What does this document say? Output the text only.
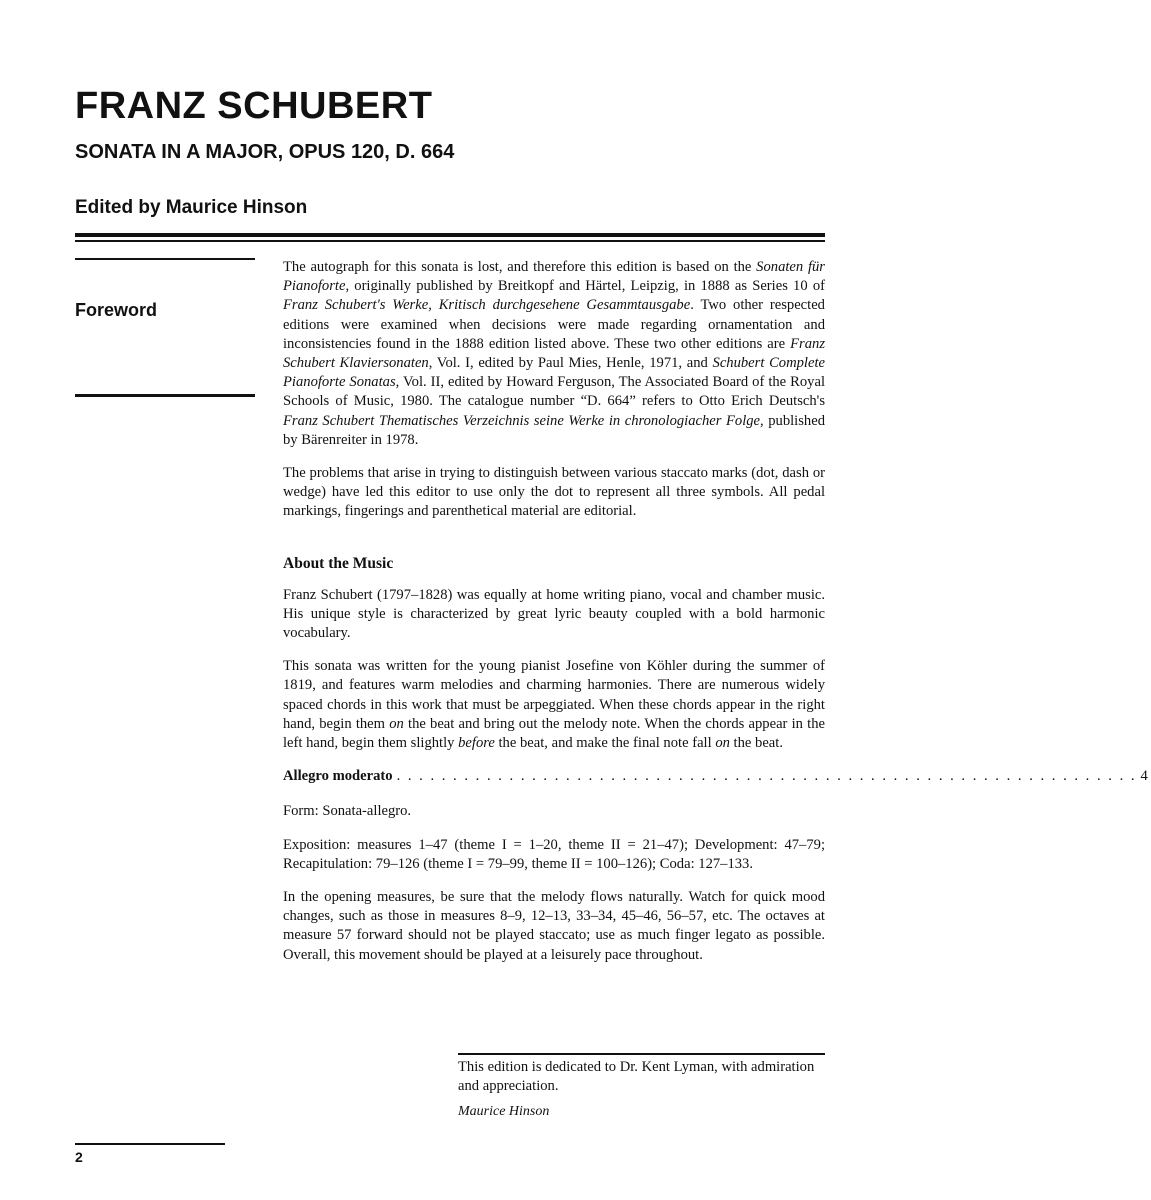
FRANZ SCHUBERT
SONATA IN A MAJOR, OPUS 120, D. 664
Edited by Maurice Hinson
Foreword

The autograph for this sonata is lost, and therefore this edition is based on the Sonaten für Pianoforte, originally published by Breitkopf and Härtel, Leipzig, in 1888 as Series 10 of Franz Schubert's Werke, Kritisch durchgesehene Gesammtausgabe. Two other respected editions were examined when decisions were made regarding ornamentation and inconsistencies found in the 1888 edition listed above. These two other editions are Franz Schubert Klaviersonaten, Vol. I, edited by Paul Mies, Henle, 1971, and Schubert Complete Pianoforte Sonatas, Vol. II, edited by Howard Ferguson, The Associated Board of the Royal Schools of Music, 1980. The catalogue number “D. 664” refers to Otto Erich Deutsch's Franz Schubert Thematisches Verzeichnis seine Werke in chronologiacher Folge, published by Bärenreiter in 1978.

The problems that arise in trying to distinguish between various staccato marks (dot, dash or wedge) have led this editor to use only the dot to represent all three symbols. All pedal markings, fingerings and parenthetical material are editorial.

About the Music

Franz Schubert (1797–1828) was equally at home writing piano, vocal and chamber music. His unique style is characterized by great lyric beauty coupled with a bold harmonic vocabulary.

This sonata was written for the young pianist Josefine von Köhler during the summer of 1819, and features warm melodies and charming harmonies. There are numerous widely spaced chords in this work that must be arpeggiated. When these chords appear in the right hand, begin them on the beat and bring out the melody note. When the chords appear in the left hand, begin them slightly before the beat, and make the final note fall on the beat.

Allegro moderato . . . . . . . . . . . . . . . . . . . . . . . . . . . . . . . . . . . . . . . . . . . . . . . . . . . . . . . . . . . . . . . . . . 4

Form: Sonata-allegro.

Exposition: measures 1–47 (theme I = 1–20, theme II = 21–47); Development: 47–79; Recapitulation: 79–126 (theme I = 79–99, theme II = 100–126); Coda: 127–133.

In the opening measures, be sure that the melody flows naturally. Watch for quick mood changes, such as those in measures 8–9, 12–13, 33–34, 45–46, 56–57, etc. The octaves at measure 57 forward should not be played staccato; use as much finger legato as possible. Overall, this movement should be played at a leisurely pace throughout.

This edition is dedicated to Dr. Kent Lyman, with admiration and appreciation.

Maurice Hinson

2
